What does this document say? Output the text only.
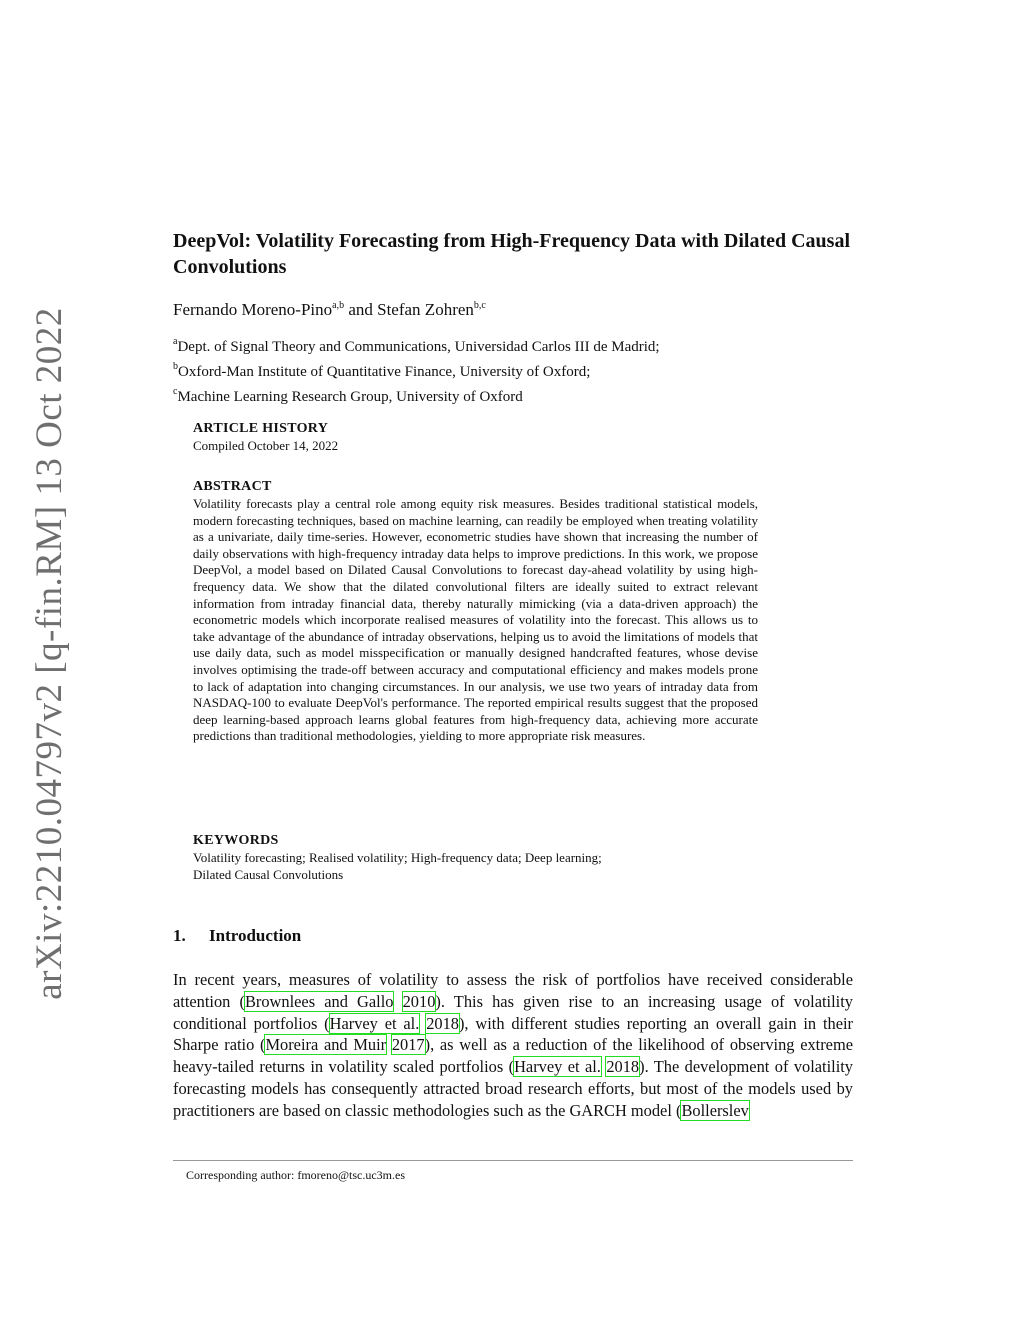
arXiv:2210.04797v2 [q-fin.RM] 13 Oct 2022
DeepVol: Volatility Forecasting from High-Frequency Data with Dilated Causal Convolutions
Fernando Moreno-Pino$^{a,b}$ and Stefan Zohren$^{b,c}$
$^a$Dept. of Signal Theory and Communications, Universidad Carlos III de Madrid;
$^b$Oxford-Man Institute of Quantitative Finance, University of Oxford;
$^c$Machine Learning Research Group, University of Oxford
ARTICLE HISTORY

Compiled October 14, 2022

ABSTRACT

Volatility forecasts play a central role among equity risk measures. Besides traditional statistical models, modern forecasting techniques, based on machine learning, can readily be employed when treating volatility as a univariate, daily time-series. However, econometric studies have shown that increasing the number of daily observations with high-frequency intraday data helps to improve predictions. In this work, we propose DeepVol, a model based on Dilated Causal Convolutions to forecast day-ahead volatility by using high-frequency data. We show that the dilated convolutional filters are ideally suited to extract relevant information from intraday financial data, thereby naturally mimicking (via a data-driven approach) the econometric models which incorporate realised measures of volatility into the forecast. This allows us to take advantage of the abundance of intraday observations, helping us to avoid the limitations of models that use daily data, such as model misspecification or manually designed handcrafted features, whose devise involves optimising the trade-off between accuracy and computational efficiency and makes models prone to lack of adaptation into changing circumstances. In our analysis, we use two years of intraday data from NASDAQ-100 to evaluate DeepVol's performance. The reported empirical results suggest that the proposed deep learning-based approach learns global features from high-frequency data, achieving more accurate predictions than traditional methodologies, yielding to more appropriate risk measures.

KEYWORDS

Volatility forecasting; Realised volatility; High-frequency data; Deep learning;

Dilated Causal Convolutions

1. Introduction

In recent years, measures of volatility to assess the risk of portfolios have received considerable attention (Brownlees and Gallo 2010). This has given rise to an increasing usage of volatility conditional portfolios (Harvey et al. 2018), with different studies reporting an overall gain in their Sharpe ratio (Moreira and Muir 2017), as well as a reduction of the likelihood of observing extreme heavy-tailed returns in volatility scaled portfolios (Harvey et al. 2018). The development of volatility forecasting models has consequently attracted broad research efforts, but most of the models used by practitioners are based on classic methodologies such as the GARCH model (Bollerslev

Corresponding author: fmoreno@tsc.uc3m.es
